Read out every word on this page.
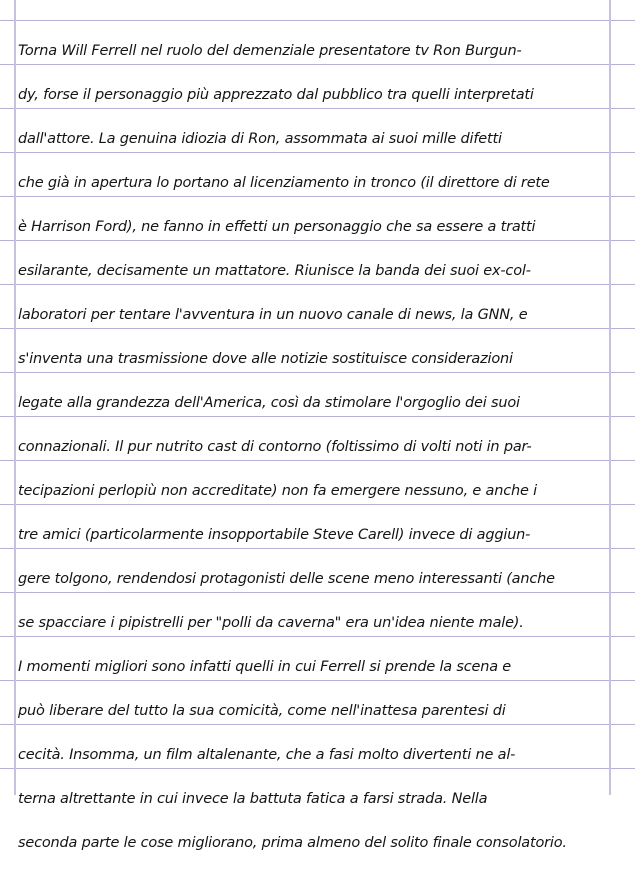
Torna Will Ferrell nel ruolo del demenziale presentatore tv Ron Burgun-
dy, forse il personaggio più apprezzato dal pubblico tra quelli interpretati
dall'attore. La genuina idiozia di Ron, assommata ai suoi mille difetti
che già in apertura lo portano al licenziamento in tronco (il direttore di rete
è Harrison Ford), ne fanno in effetti un personaggio che sa essere a tratti
esilarante, decisamente un mattatore. Riunisce la banda dei suoi ex-col-
laboratori per tentare l'avventura in un nuovo canale di news, la GNN, e
s'inventa una trasmissione dove alle notizie sostituisce considerazioni
legate alla grandezza dell'America, così da stimolare l'orgoglio dei suoi
connazionali. Il pur nutrito cast di contorno (foltissimo di volti noti in par-
tecipazioni perlopiù non accreditate) non fa emergere nessuno, e anche i
tre amici (particolarmente insopportabile Steve Carell) invece di aggiun-
gere tolgono, rendendosi protagonisti delle scene meno interessanti (anche
se spacciare i pipistrelli per "polli da caverna" era un'idea niente male).
I momenti migliori sono infatti quelli in cui Ferrell si prende la scena e
può liberare del tutto la sua comicità, come nell'inattesa parentesi di
cecità. Insomma, un film altalenante, che a fasi molto divertenti ne al-
terna altrettante in cui invece la battuta fatica a farsi strada. Nella
seconda parte le cose migliorano, prima almeno del solito finale consolatorio.
